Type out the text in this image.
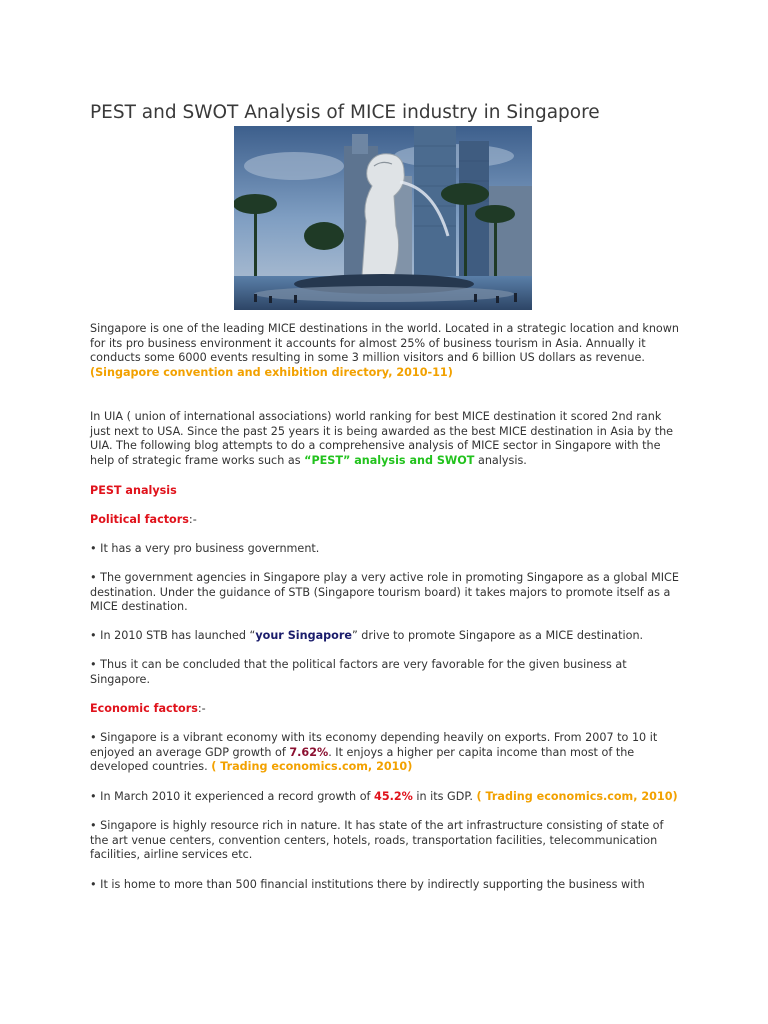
PEST and SWOT Analysis of MICE industry in Singapore

Singapore is one of the leading MICE destinations in the world. Located in a strategic location and known for its pro business environment it accounts for almost 25% of business tourism in Asia. Annually it conducts some 6000 events resulting in some 3 million visitors and 6 billion US dollars as revenue. (Singapore convention and exhibition directory, 2010-11)

In UIA ( union of international associations) world ranking for best MICE destination it scored 2nd rank just next to USA. Since the past 25 years it is being awarded as the best MICE destination in Asia by the UIA. The following blog attempts to do a comprehensive analysis of MICE sector in Singapore with the help of strategic frame works such as “PEST” analysis and SWOT analysis.

PEST analysis

Political factors:-

• It has a very pro business government.

• The government agencies in Singapore play a very active role in promoting Singapore as a global MICE destination. Under the guidance of STB (Singapore tourism board) it takes majors to promote itself as a MICE destination.

• In 2010 STB has launched “your Singapore” drive to promote Singapore as a MICE destination.

• Thus it can be concluded that the political factors are very favorable for the given business at Singapore.

Economic factors:-

• Singapore is a vibrant economy with its economy depending heavily on exports. From 2007 to 10 it enjoyed an average GDP growth of 7.62%. It enjoys a higher per capita income than most of the developed countries. ( Trading economics.com, 2010)

• In March 2010 it experienced a record growth of 45.2% in its GDP. ( Trading economics.com, 2010)

• Singapore is highly resource rich in nature. It has state of the art infrastructure consisting of state of the art venue centers, convention centers, hotels, roads, transportation facilities, telecommunication facilities, airline services etc.

• It is home to more than 500 financial institutions there by indirectly supporting the business with
